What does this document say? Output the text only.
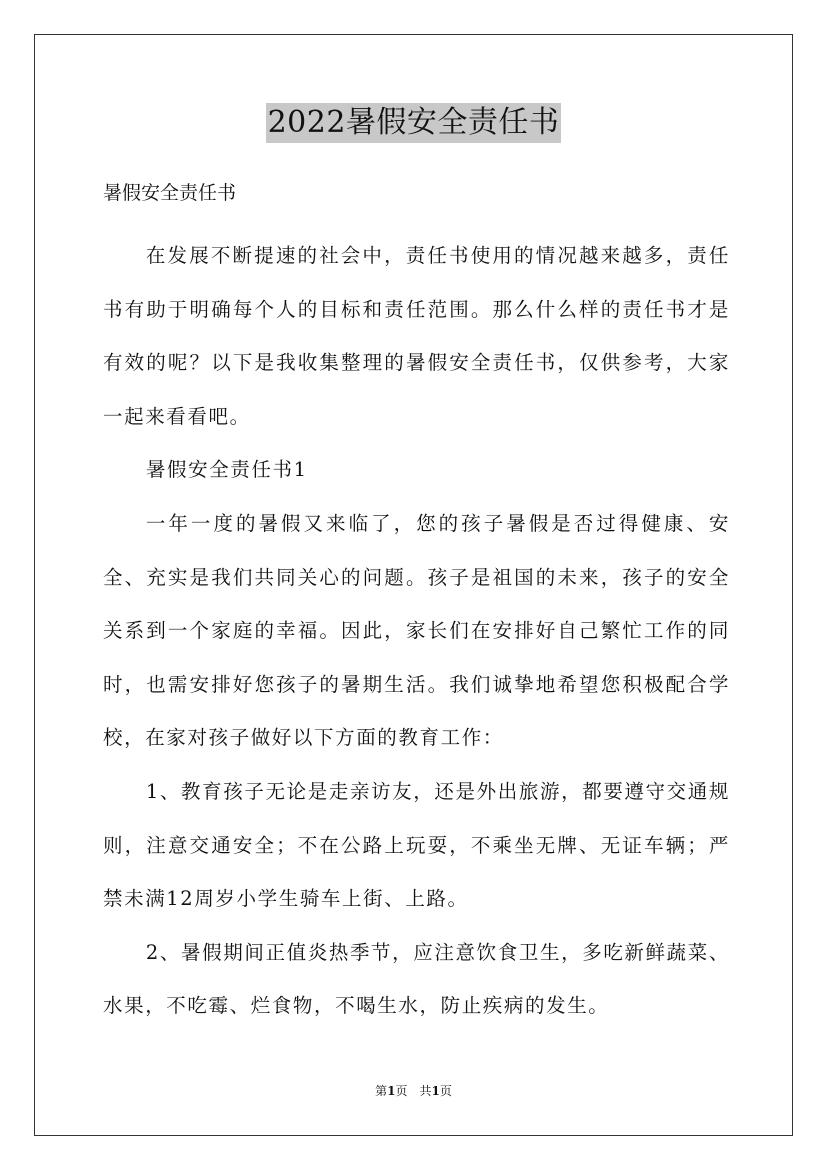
2022暑假安全责任书
暑假安全责任书

在发展不断提速的社会中，责任书使用的情况越来越多，责任书有助于明确每个人的目标和责任范围。那么什么样的责任书才是有效的呢？以下是我收集整理的暑假安全责任书，仅供参考，大家一起来看看吧。

暑假安全责任书1

一年一度的暑假又来临了，您的孩子暑假是否过得健康、安全、充实是我们共同关心的问题。孩子是祖国的未来，孩子的安全关系到一个家庭的幸福。因此，家长们在安排好自己繁忙工作的同时，也需安排好您孩子的暑期生活。我们诚挚地希望您积极配合学校，在家对孩子做好以下方面的教育工作：

1、教育孩子无论是走亲访友，还是外出旅游，都要遵守交通规则，注意交通安全；不在公路上玩耍，不乘坐无牌、无证车辆；严禁未满12周岁小学生骑车上街、上路。

2、暑假期间正值炎热季节，应注意饮食卫生，多吃新鲜蔬菜、水果，不吃霉、烂食物，不喝生水，防止疾病的发生。

第1页 共1页
